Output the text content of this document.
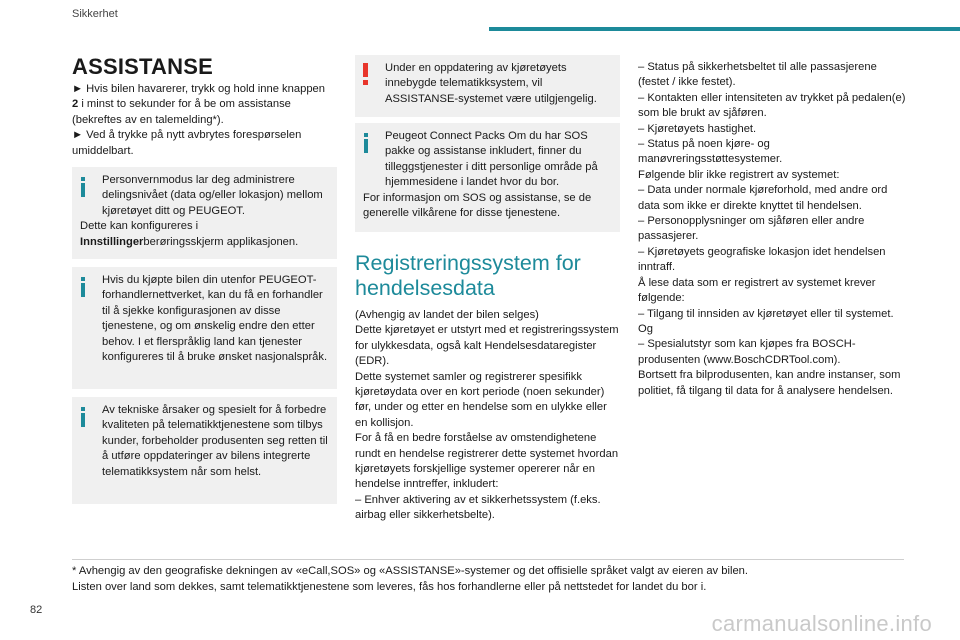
Sikkerhet
ASSISTANSE

► Hvis bilen havarerer, trykk og hold inne knappen 2 i minst to sekunder for å be om assistanse (bekreftes av en talemelding*).

► Ved å trykke på nytt avbrytes forespørselen umiddelbart.

Personvernmodus lar deg administrere delingsnivået (data og/eller lokasjon) mellom kjøretøyet ditt og PEUGEOT.

Dette kan konfigureres i Innstillingerberøringsskjerm applikasjonen.

Hvis du kjøpte bilen din utenfor PEUGEOT-forhandlernettverket, kan du få en forhandler til å sjekke konfigurasjonen av disse tjenestene, og om ønskelig endre den etter behov. I et flerspråklig land kan tjenester konfigureres til å bruke ønsket nasjonalspråk.

Av tekniske årsaker og spesielt for å forbedre kvaliteten på telematikktjenestene som tilbys kunder, forbeholder produsenten seg retten til å utføre oppdateringer av bilens integrerte telematikksystem når som helst.

Under en oppdatering av kjøretøyets innebygde telematikksystem, vil ASSISTANSE-systemet være utilgjengelig.

Peugeot Connect Packs Om du har SOS pakke og assistanse inkludert, finner du tilleggstjenester i ditt personlige område på hjemmesidene i landet hvor du bor.

For informasjon om SOS og assistanse, se de generelle vilkårene for disse tjenestene.

Registreringssystem for hendelsesdata

(Avhengig av landet der bilen selges)

Dette kjøretøyet er utstyrt med et registreringssystem for ulykkesdata, også kalt Hendelsesdataregister (EDR).

Dette systemet samler og registrerer spesifikk kjøretøydata over en kort periode (noen sekunder) før, under og etter en hendelse som en ulykke eller en kollisjon.

For å få en bedre forståelse av omstendighetene rundt en hendelse registrerer dette systemet hvordan kjøretøyets forskjellige systemer opererer når en hendelse inntreffer, inkludert:

– Enhver aktivering av et sikkerhetssystem (f.eks. airbag eller sikkerhetsbelte).

– Status på sikkerhetsbeltet til alle passasjerene (festet / ikke festet).

– Kontakten eller intensiteten av trykket på pedalen(e) som ble brukt av sjåføren.

– Kjøretøyets hastighet.

– Status på noen kjøre- og manøvreringsstøttesystemer.

Følgende blir ikke registrert av systemet:

– Data under normale kjøreforhold, med andre ord data som ikke er direkte knyttet til hendelsen.

– Personopplysninger om sjåføren eller andre passasjerer.

– Kjøretøyets geografiske lokasjon idet hendelsen inntraff.

Å lese data som er registrert av systemet krever følgende:

– Tilgang til innsiden av kjøretøyet eller til systemet.

Og

– Spesialutstyr som kan kjøpes fra BOSCH-produsenten (www.BoschCDRTool.com).

Bortsett fra bilprodusenten, kan andre instanser, som politiet, få tilgang til data for å analysere hendelsen.

* Avhengig av den geografiske dekningen av «eCall,SOS» og «ASSISTANSE»-systemer og det offisielle språket valgt av eieren av bilen.
Listen over land som dekkes, samt telematikktjenestene som leveres, fås hos forhandlerne eller på nettstedet for landet du bor i.
82
carmanualsonline.info
